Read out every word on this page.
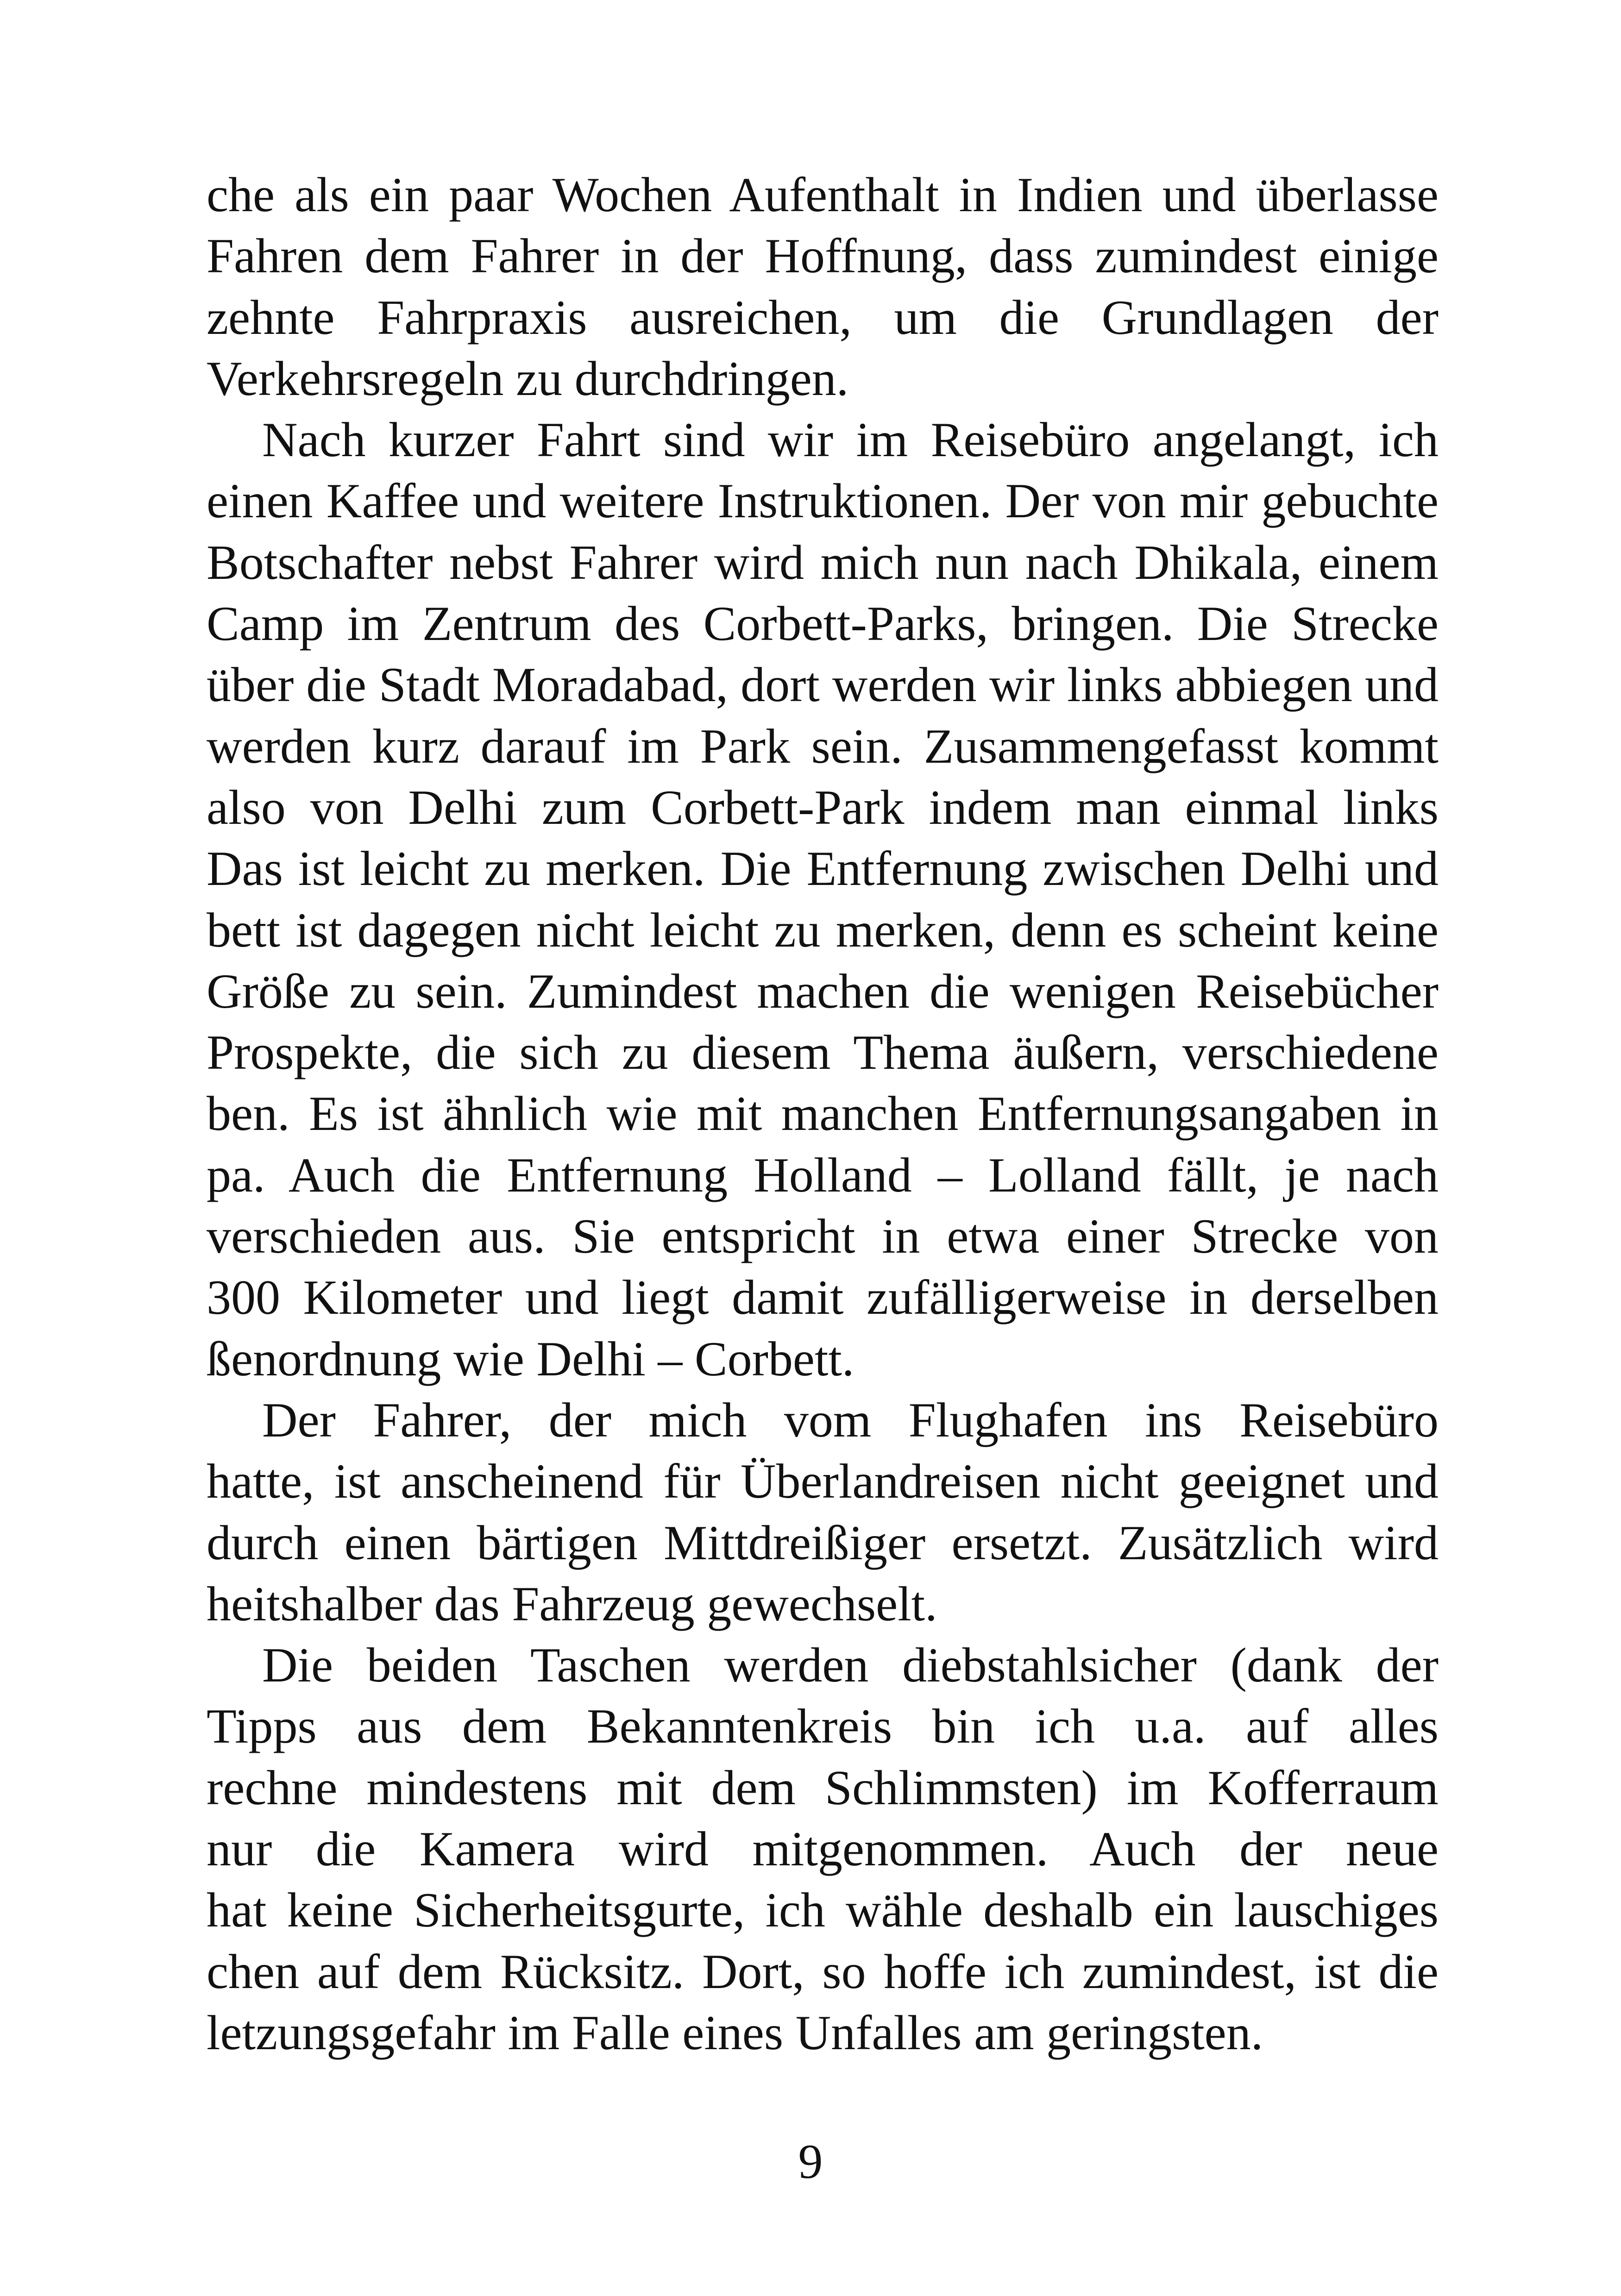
che als ein paar Wochen Aufenthalt in Indien und überlasse
Fahren dem Fahrer in der Hoffnung, dass zumindest einige
zehnte Fahrpraxis ausreichen, um die Grundlagen der
Verkehrsregeln zu durchdringen.
Nach kurzer Fahrt sind wir im Reisebüro angelangt, ich
einen Kaffee und weitere Instruktionen. Der von mir gebuchte
Botschafter nebst Fahrer wird mich nun nach Dhikala, einem
Camp im Zentrum des Corbett-Parks, bringen. Die Strecke
über die Stadt Moradabad, dort werden wir links abbiegen und
werden kurz darauf im Park sein. Zusammengefasst kommt
also von Delhi zum Corbett-Park indem man einmal links
Das ist leicht zu merken. Die Entfernung zwischen Delhi und
bett ist dagegen nicht leicht zu merken, denn es scheint keine
Größe zu sein. Zumindest machen die wenigen Reisebücher
Prospekte, die sich zu diesem Thema äußern, verschiedene
ben. Es ist ähnlich wie mit manchen Entfernungsangaben in
pa. Auch die Entfernung Holland – Lolland fällt, je nach
verschieden aus. Sie entspricht in etwa einer Strecke von
300 Kilometer und liegt damit zufälligerweise in derselben
ßenordnung wie Delhi – Corbett.
Der Fahrer, der mich vom Flughafen ins Reisebüro
hatte, ist anscheinend für Überlandreisen nicht geeignet und
durch einen bärtigen Mittdreißiger ersetzt. Zusätzlich wird
heitshalber das Fahrzeug gewechselt.
Die beiden Taschen werden diebstahlsicher (dank der
Tipps aus dem Bekanntenkreis bin ich u.a. auf alles
rechne mindestens mit dem Schlimmsten) im Kofferraum
nur die Kamera wird mitgenommen. Auch der neue
hat keine Sicherheitsgurte, ich wähle deshalb ein lauschiges
chen auf dem Rücksitz. Dort, so hoffe ich zumindest, ist die
letzungsgefahr im Falle eines Unfalles am geringsten.
9
